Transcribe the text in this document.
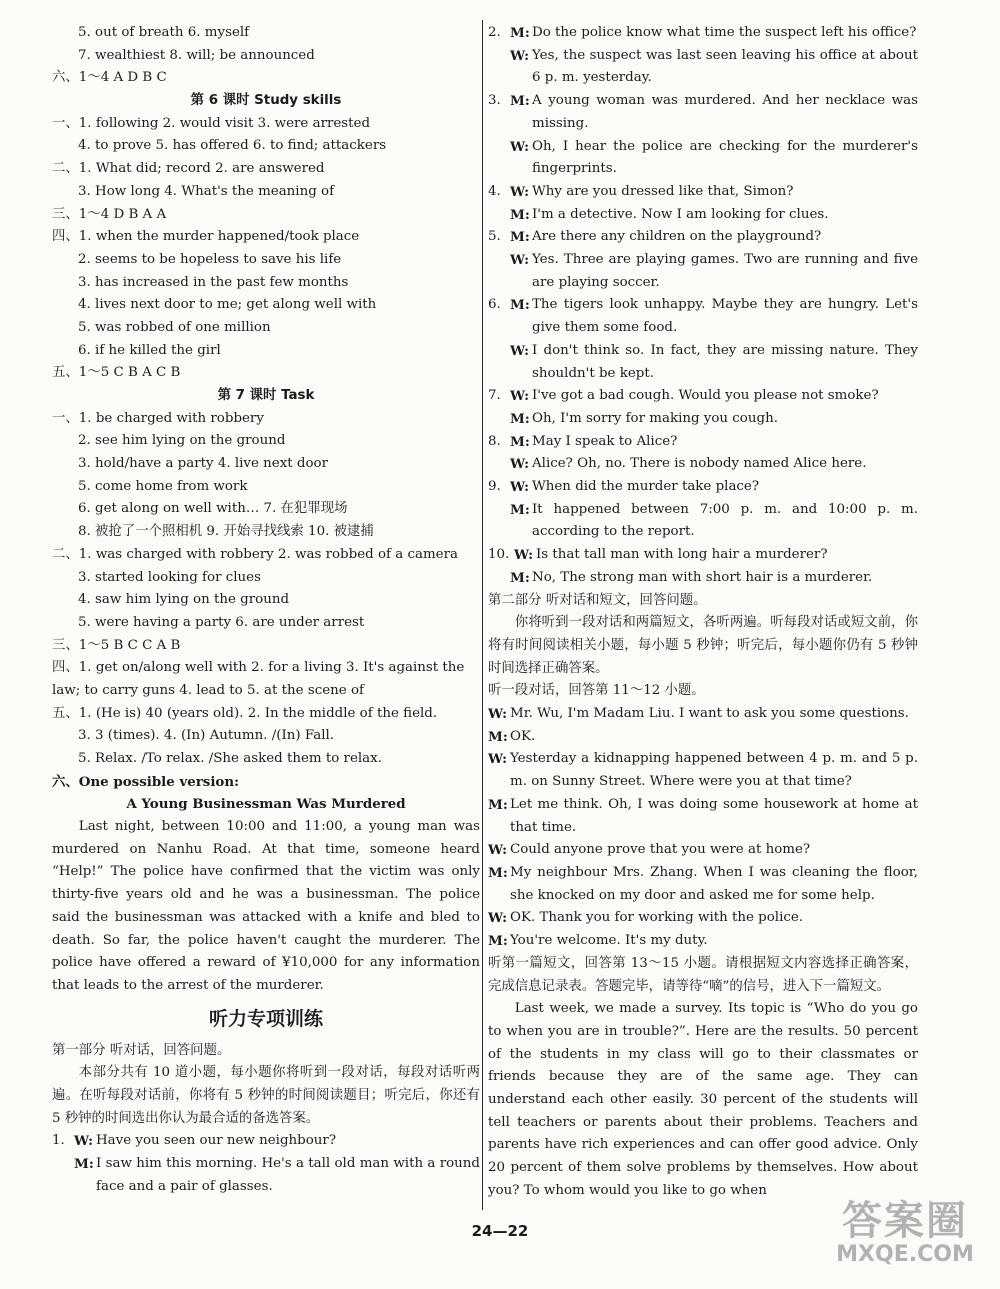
5. out of breath 6. myself
7. wealthiest 8. will; be announced
六、1～4 A D B C
第 6 课时 Study skills
一、1. following 2. would visit 3. were arrested
4. to prove 5. has offered 6. to find; attackers
二、1. What did; record 2. are answered
3. How long 4. What's the meaning of
三、1～4 D B A A
四、1. when the murder happened/took place
2. seems to be hopeless to save his life
3. has increased in the past few months
4. lives next door to me; get along well with
5. was robbed of one million
6. if he killed the girl
五、1～5 C B A C B
第 7 课时 Task
一、1. be charged with robbery
2. see him lying on the ground
3. hold/have a party 4. live next door
5. come home from work
6. get along on well with… 7. 在犯罪现场
8. 被抢了一个照相机 9. 开始寻找线索 10. 被逮捕
二、1. was charged with robbery 2. was robbed of a camera
3. started looking for clues
4. saw him lying on the ground
5. were having a party 6. are under arrest
三、1～5 B C C A B
四、1. get on/along well with 2. for a living 3. It's against the
law; to carry guns 4. lead to 5. at the scene of
五、1. (He is) 40 (years old). 2. In the middle of the field.
3. 3 (times). 4. (In) Autumn. /(In) Fall.
5. Relax. /To relax. /She asked them to relax.
六、One possible version:
A Young Businessman Was Murdered

Last night, between 10:00 and 11:00, a young man was murdered on Nanhu Road. At that time, someone heard “Help!” The police have confirmed that the victim was only thirty-five years old and he was a businessman. The police said the businessman was attacked with a knife and bled to death. So far, the police haven't caught the murderer. The police have offered a reward of ¥10,000 for any information that leads to the arrest of the murderer.

听力专项训练
第一部分 听对话，回答问题。

本部分共有 10 道小题，每小题你将听到一段对话，每段对话听两遍。在听每段对话前，你将有 5 秒钟的时间阅读题目；听完后，你还有 5 秒钟的时间选出你认为最合适的备选答案。

1. W: Have you seen our new neighbour?
M: I saw him this morning. He's a tall old man with a round face and a pair of glasses.
2. M: Do the police know what time the suspect left his office?
W: Yes, the suspect was last seen leaving his office at about 6 p. m. yesterday.
3. M: A young woman was murdered. And her necklace was missing.
W: Oh, I hear the police are checking for the murderer's fingerprints.
4. W: Why are you dressed like that, Simon?
M: I'm a detective. Now I am looking for clues.
5. M: Are there any children on the playground?
W: Yes. Three are playing games. Two are running and five are playing soccer.
6. M: The tigers look unhappy. Maybe they are hungry. Let's give them some food.
W: I don't think so. In fact, they are missing nature. They shouldn't be kept.
7. W: I've got a bad cough. Would you please not smoke?
M: Oh, I'm sorry for making you cough.
8. M: May I speak to Alice?
W: Alice? Oh, no. There is nobody named Alice here.
9. W: When did the murder take place?
M: It happened between 7:00 p. m. and 10:00 p. m. according to the report.
10. W: Is that tall man with long hair a murderer?
M: No, The strong man with short hair is a murderer.
第二部分 听对话和短文，回答问题。

你将听到一段对话和两篇短文，各听两遍。听每段对话或短文前，你将有时间阅读相关小题，每小题 5 秒钟；听完后，每小题你仍有 5 秒钟时间选择正确答案。

听一段对话，回答第 11～12 小题。
W: Mr. Wu, I'm Madam Liu. I want to ask you some questions.
M: OK.
W: Yesterday a kidnapping happened between 4 p. m. and 5 p. m. on Sunny Street. Where were you at that time?
M: Let me think. Oh, I was doing some housework at home at that time.
W: Could anyone prove that you were at home?
M: My neighbour Mrs. Zhang. When I was cleaning the floor, she knocked on my door and asked me for some help.
W: OK. Thank you for working with the police.
M: You're welcome. It's my duty.

听第一篇短文，回答第 13～15 小题。请根据短文内容选择正确答案，完成信息记录表。答题完毕，请等待“嘀”的信号，进入下一篇短文。

Last week, we made a survey. Its topic is “Who do you go to when you are in trouble?”. Here are the results. 50 percent of the students in my class will go to their classmates or friends because they are of the same age. They can understand each other easily. 30 percent of the students will tell teachers or parents about their problems. Teachers and parents have rich experiences and can offer good advice. Only 20 percent of them solve problems by themselves. How about you? To whom would you like to go when

24—22	答案圈
MXQE.COM
